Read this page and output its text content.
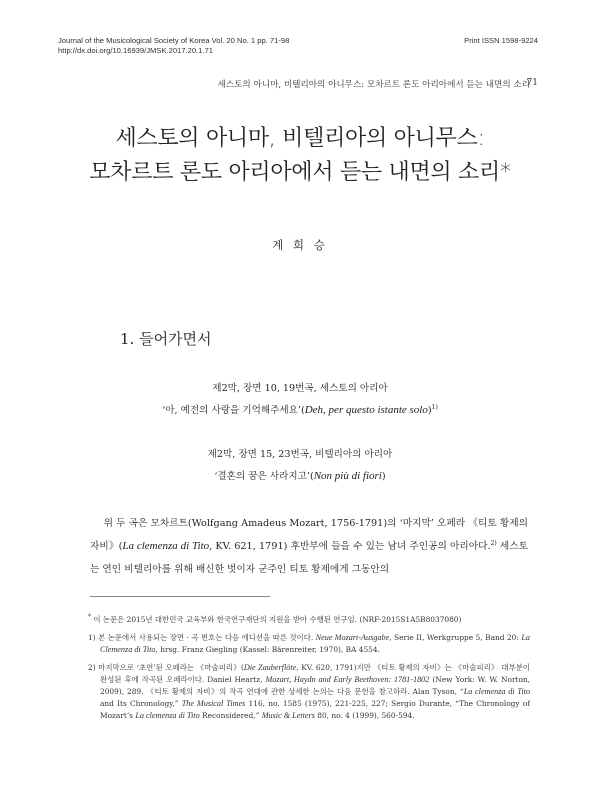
Journal of the Musicological Society of Korea Vol. 20 No. 1 pp. 71-98
http://dx.doi.org/10.16939/JMSK.2017.20.1.71
Print ISSN 1598-9224
세스토의 아니마, 비텔리아의 아니무스: 모차르트 론도 아리아에서 듣는 내면의 소리
71
세스토의 아니마, 비텔리아의 아니무스:
모차르트 론도 아리아에서 듣는 내면의 소리*
계 희 승
1. 들어가면서
제2막, 장면 10, 19번곡, 세스토의 아리아
‘아, 예전의 사랑을 기억해주세요’(Deh, per questo istante solo)$^{1)}$
제2막, 장면 15, 23번곡, 비텔리아의 아리아
‘결혼의 꿈은 사라지고’(Non più di fiori)

위 두 곡은 모차르트(Wolfgang Amadeus Mozart, 1756-1791)의 ‘마지막’ 오페라 《티토 황제의 자비》(La clemenza di Tito, KV. 621, 1791) 후반부에 들을 수 있는 남녀 주인공의 아리아다.$^{2)}$ 세스토는 연인 비텔리아를 위해 배신한 벗이자 군주인 티토 황제에게 그동안의

* 이 논문은 2015년 대한민국 교육부와 한국연구재단의 지원을 받아 수행된 연구임. (NRF-2015S1A5B8037080)
1) 본 논문에서 사용되는 장면 · 곡 번호는 다음 에디션을 따른 것이다. Neue Mozart-Ausgabe, Serie II, Werkgruppe 5, Band 20: La Clemenza di Tito, hrsg. Franz Giegling (Kassel: Bärenreiter, 1970), BA 4554.
2) 마지막으로 ‘초연’된 오페라는 《마술피리》(Die Zauberflöte, KV. 620, 1791)지만 《티토 황제의 자비》는 《마술피리》 대부분이 완성된 후에 작곡된 오페라이다. Daniel Heartz, Mozart, Haydn and Early Beethoven: 1781-1802 (New York: W. W. Norton, 2009), 289. 《티토 황제의 자비》의 작곡 연대에 관한 상세한 논의는 다음 문헌을 참고하라. Alan Tyson, “La clemenza di Tito and Its Chronology,” The Musical Times 116, no. 1585 (1975), 221-225, 227; Sergio Durante, “The Chronology of Mozart’s La clemenza di Tito Reconsidered,” Music & Letters 80, no. 4 (1999), 560-594.
